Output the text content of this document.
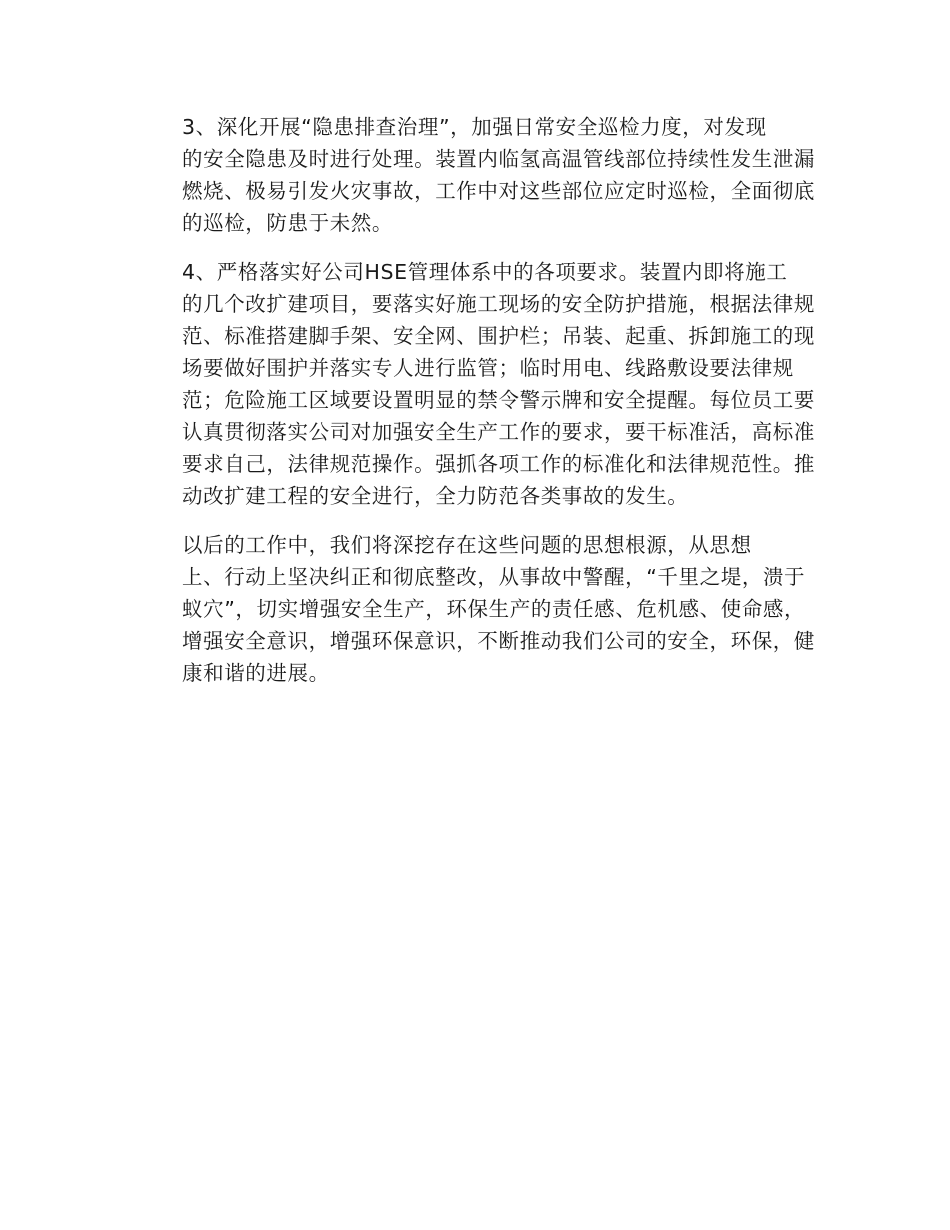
3、深化开展“隐患排查治理”，加强日常安全巡检力度，对发现
的安全隐患及时进行处理。装置内临氢高温管线部位持续性发生泄漏
燃烧、极易引发火灾事故，工作中对这些部位应定时巡检，全面彻底
的巡检，防患于未然。

4、严格落实好公司HSE管理体系中的各项要求。装置内即将施工
的几个改扩建项目，要落实好施工现场的安全防护措施，根据法律规
范、标准搭建脚手架、安全网、围护栏；吊装、起重、拆卸施工的现
场要做好围护并落实专人进行监管；临时用电、线路敷设要法律规
范；危险施工区域要设置明显的禁令警示牌和安全提醒。每位员工要
认真贯彻落实公司对加强安全生产工作的要求，要干标准活，高标准
要求自己，法律规范操作。强抓各项工作的标准化和法律规范性。推
动改扩建工程的安全进行，全力防范各类事故的发生。

以后的工作中，我们将深挖存在这些问题的思想根源，从思想
上、行动上坚决纠正和彻底整改，从事故中警醒，“千里之堤，溃于
蚁穴”，切实增强安全生产，环保生产的责任感、危机感、使命感，
增强安全意识，增强环保意识，不断推动我们公司的安全，环保，健
康和谐的进展。
